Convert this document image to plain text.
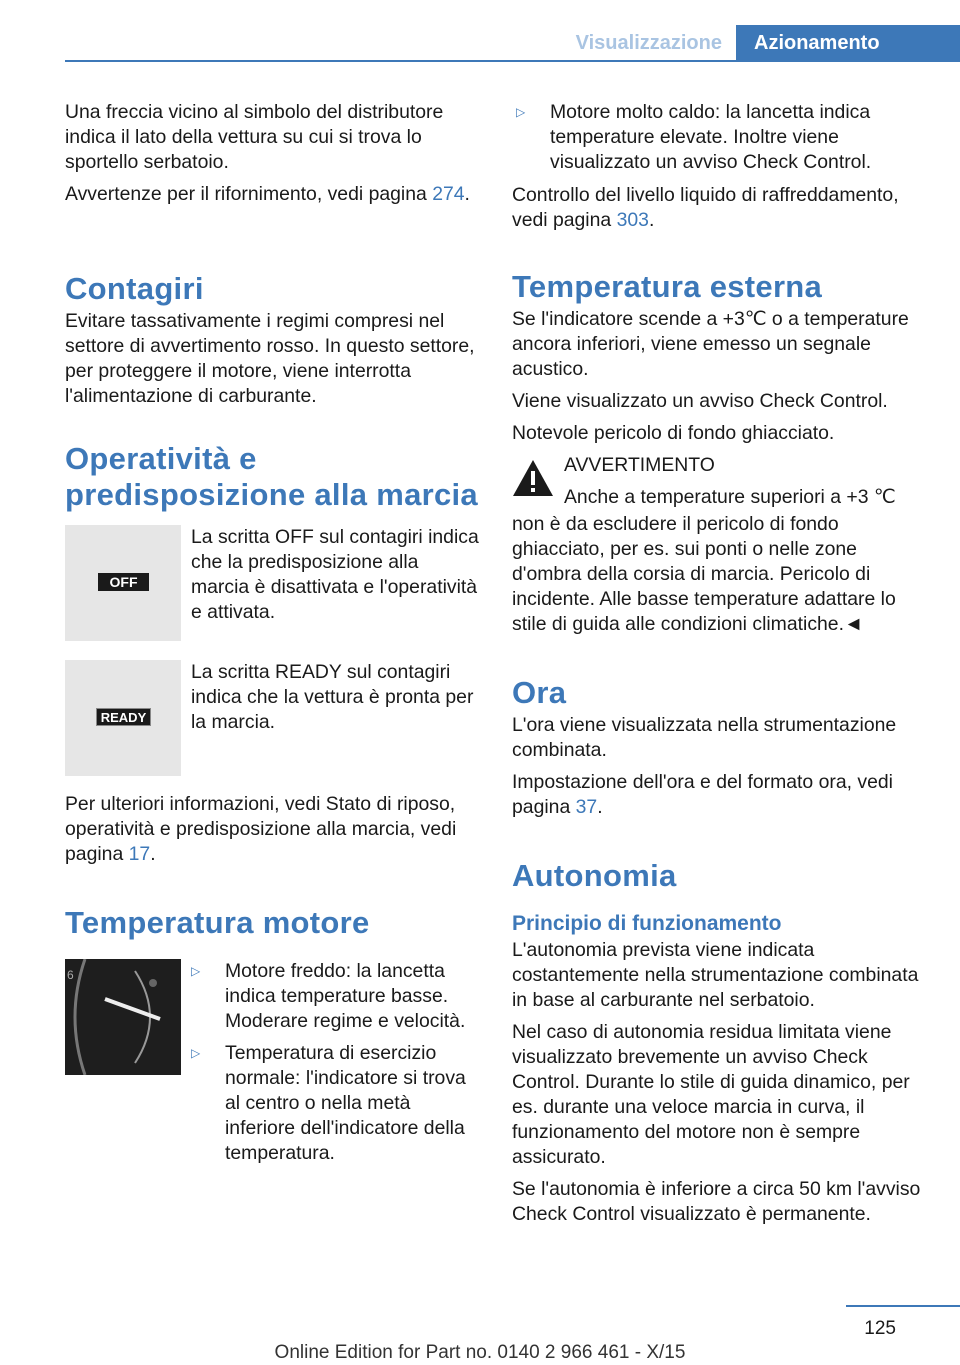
Visualizzazione	Azionamento

Una freccia vicino al simbolo del distributore indica il lato della vettura su cui si trova lo sportello serbatoio.

Avvertenze per il rifornimento, vedi pagina 274.

Contagiri

Evitare tassativamente i regimi compresi nel settore di avvertimento rosso. In questo settore, per proteggere il motore, viene interrotta l'alimentazione di carburante.

Operatività e predisposizione alla marcia
OFF

La scritta OFF sul contagiri indica che la predisposizione alla marcia è disattivata e l'operatività e attivata.

READY

La scritta READY sul contagiri indica che la vettura è pronta per la marcia.

Per ulteriori informazioni, vedi Stato di riposo, operatività e predisposizione alla marcia, vedi pagina 17.

Temperatura motore
6	▷	Motore freddo: la lancetta indica temperature basse. Moderare regime e velocità.
▷	Temperatura di esercizio normale: l'indicatore si trova al centro o nella metà inferiore dell'indicatore della temperatura.
▷	Motore molto caldo: la lancetta indica temperature elevate. Inoltre viene visualizzato un avviso Check Control.

Controllo del livello liquido di raffreddamento, vedi pagina 303.

Temperatura esterna

Se l'indicatore scende a +3℃ o a temperature ancora inferiori, viene emesso un segnale acustico.

Viene visualizzato un avviso Check Control.

Notevole pericolo di fondo ghiacciato.

AVVERTIMENTO

Anche a temperature superiori a +3 ℃

non è da escludere il pericolo di fondo ghiacciato, per es. sui ponti o nelle zone d'ombra della corsia di marcia. Pericolo di incidente. Alle basse temperature adattare lo stile di guida alle condizioni climatiche.◄

Ora

L'ora viene visualizzata nella strumentazione combinata.

Impostazione dell'ora e del formato ora, vedi pagina 37.

Autonomia
Principio di funzionamento

L'autonomia prevista viene indicata costantemente nella strumentazione combinata in base al carburante nel serbatoio.

Nel caso di autonomia residua limitata viene visualizzato brevemente un avviso Check Control. Durante lo stile di guida dinamico, per es. durante una veloce marcia in curva, il funzionamento del motore non è sempre assicurato.

Se l'autonomia è inferiore a circa 50 km l'avviso Check Control visualizzato è permanente.

125
Online Edition for Part no. 0140 2 966 461 - X/15
